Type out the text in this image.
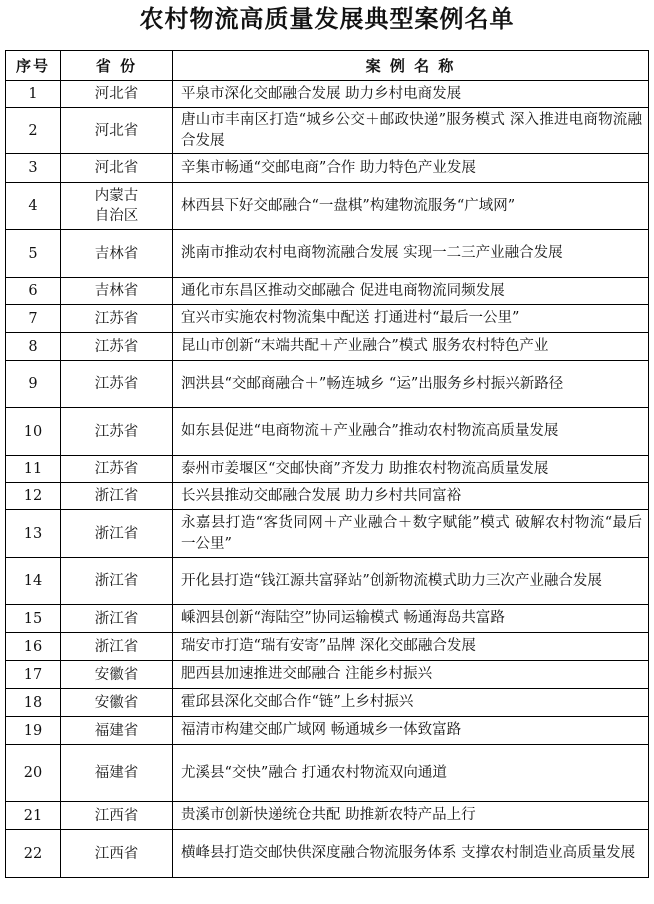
农村物流高质量发展典型案例名单
序号	省 份	案 例 名 称
1	河北省	平泉市深化交邮融合发展 助力乡村电商发展
2	河北省	唐山市丰南区打造“城乡公交＋邮政快递”服务模式 深入推进电商物流融合发展
3	河北省	辛集市畅通“交邮电商”合作 助力特色产业发展
4	内蒙古
自治区	林西县下好交邮融合“一盘棋”构建物流服务“广域网”
5	吉林省	洮南市推动农村电商物流融合发展 实现一二三产业融合发展
6	吉林省	通化市东昌区推动交邮融合 促进电商物流同频发展
7	江苏省	宜兴市实施农村物流集中配送 打通进村“最后一公里”
8	江苏省	昆山市创新“末端共配＋产业融合”模式 服务农村特色产业
9	江苏省	泗洪县“交邮商融合＋”畅连城乡 “运”出服务乡村振兴新路径
10	江苏省	如东县促进“电商物流＋产业融合”推动农村物流高质量发展
11	江苏省	泰州市姜堰区“交邮快商”齐发力 助推农村物流高质量发展
12	浙江省	长兴县推动交邮融合发展 助力乡村共同富裕
13	浙江省	永嘉县打造“客货同网＋产业融合＋数字赋能”模式 破解农村物流“最后一公里”
14	浙江省	开化县打造“钱江源共富驿站”创新物流模式助力三次产业融合发展
15	浙江省	嵊泗县创新“海陆空”协同运输模式 畅通海岛共富路
16	浙江省	瑞安市打造“瑞有安寄”品牌 深化交邮融合发展
17	安徽省	肥西县加速推进交邮融合 注能乡村振兴
18	安徽省	霍邱县深化交邮合作“链”上乡村振兴
19	福建省	福清市构建交邮广域网 畅通城乡一体致富路
20	福建省	尤溪县“交快”融合 打通农村物流双向通道
21	江西省	贵溪市创新快递统仓共配 助推新农特产品上行
22	江西省	横峰县打造交邮快供深度融合物流服务体系 支撑农村制造业高质量发展
